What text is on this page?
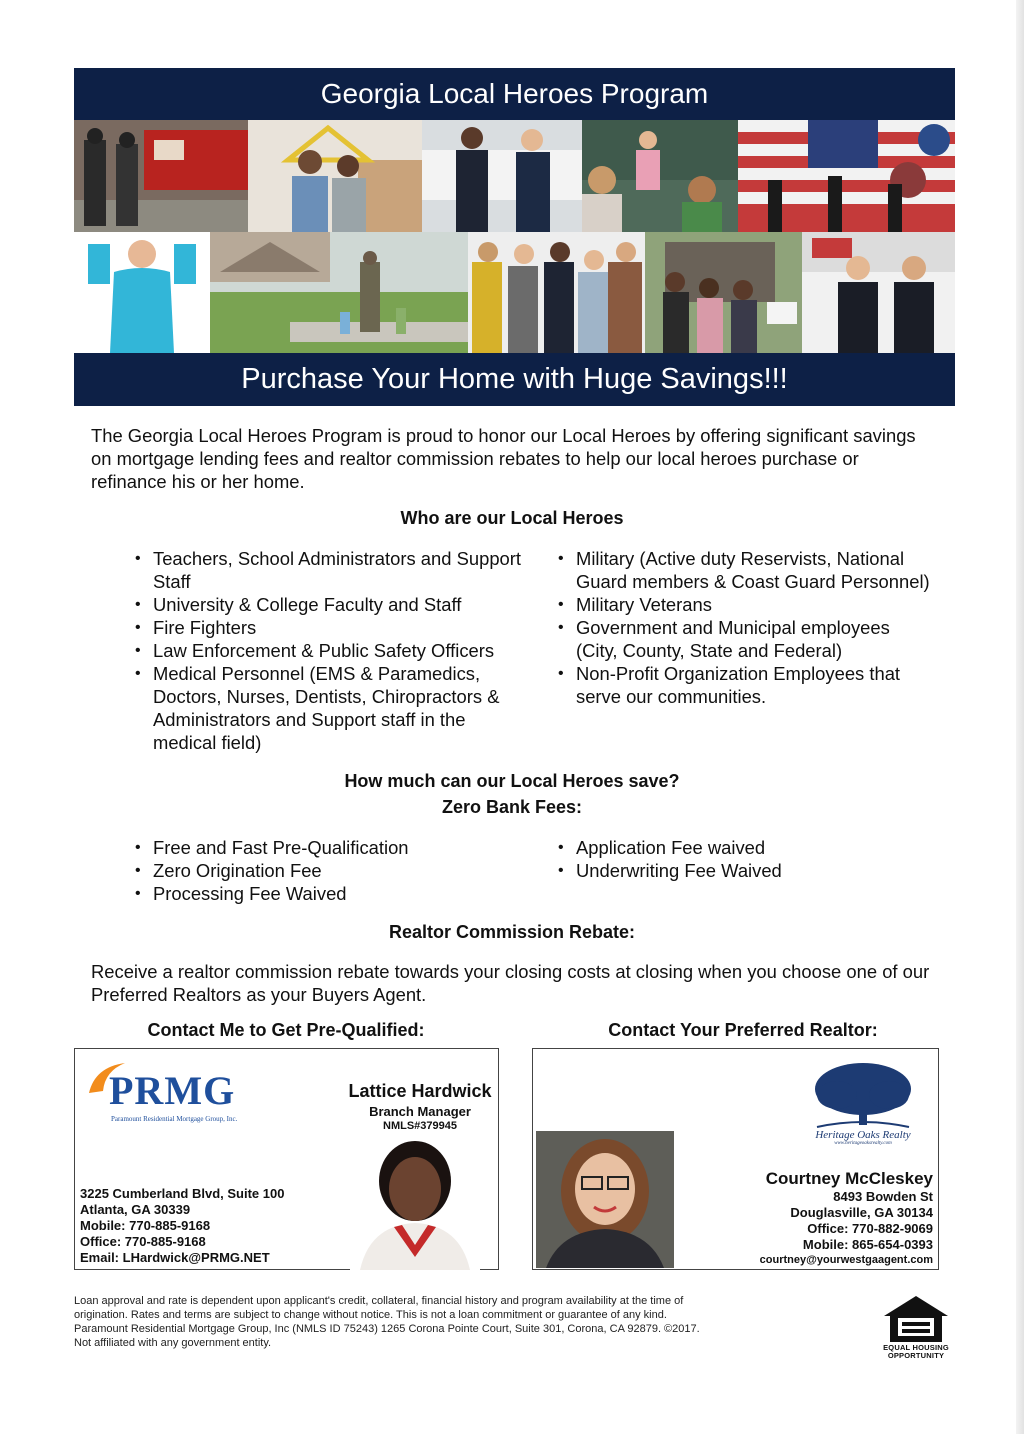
Georgia Local Heroes Program
Purchase Your Home with Huge Savings!!!

The Georgia Local Heroes Program is proud to honor our Local Heroes by offering significant savings on mortgage lending fees and realtor commission rebates to help our local heroes purchase or refinance his or her home.

Who are our Local Heroes
• Teachers, School Administrators and Support Staff
• University & College Faculty and Staff
• Fire Fighters
• Law Enforcement & Public Safety Officers
• Medical Personnel (EMS & Paramedics, Doctors, Nurses, Dentists, Chiropractors & Administrators and Support staff in the medical field)
• Military (Active duty Reservists, National Guard members & Coast Guard Personnel)
• Military Veterans
• Government and Municipal employees (City, County, State and Federal)
• Non-Profit Organization Employees that serve our communities.
How much can our Local Heroes save?
Zero Bank Fees:
• Free and Fast Pre-Qualification
• Zero Origination Fee
• Processing Fee Waived
• Application Fee waived
• Underwriting Fee Waived
Realtor Commission Rebate:

Receive a realtor commission rebate towards your closing costs at closing when you choose one of our Preferred Realtors as your Buyers Agent.

Contact Me to Get Pre-Qualified:
PRMG
Paramount Residential Mortgage Group, Inc.
Lattice Hardwick
Branch Manager
NMLS#379945
3225 Cumberland Blvd, Suite 100
Atlanta, GA 30339
Mobile: 770-885-9168
Office: 770-885-9168
Email: LHardwick@PRMG.NET
Contact Your Preferred Realtor:
Heritage Oaks Realty
www.heritageoaksrealty.com
Courtney McCleskey
8493 Bowden St
Douglasville, GA 30134
Office: 770-882-9069
Mobile: 865-654-0393
courtney@yourwestgaagent.com
Loan approval and rate is dependent upon applicant's credit, collateral, financial history and program availability at the time of
origination. Rates and terms are subject to change without notice. This is not a loan commitment or guarantee of any kind.
Paramount Residential Mortgage Group, Inc (NMLS ID 75243) 1265 Corona Pointe Court, Suite 301, Corona, CA 92879. ©2017.
Not affiliated with any government entity.	EQUAL HOUSING
OPPORTUNITY
